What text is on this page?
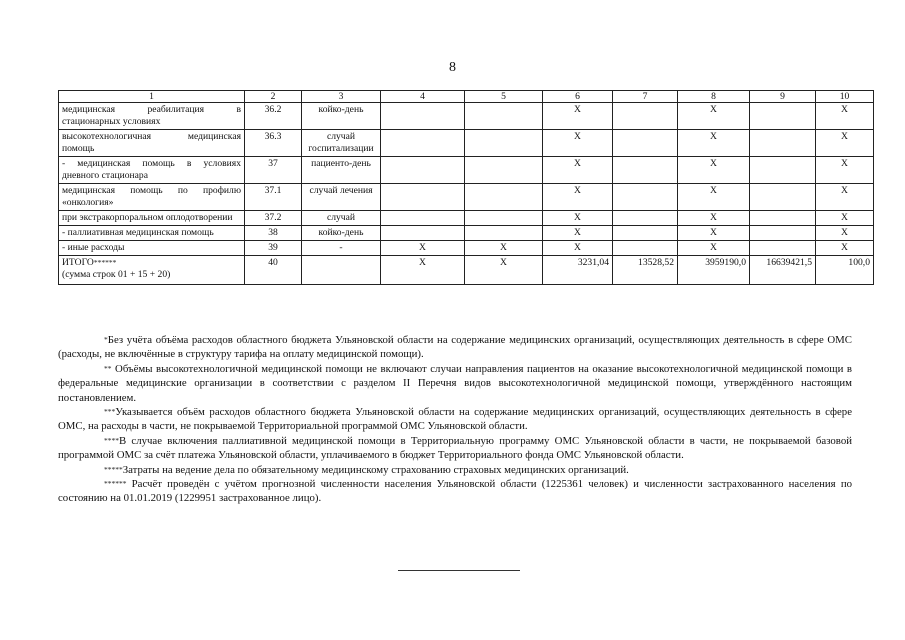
8
1	2	3	4	5	6	7	8	9	10
медицинская реабилитация в стационарных условиях	36.2	койко-день			X		X		X
высокотехнологичная медицинская помощь	36.3	случай госпитализации			X		X		X
- медицинская помощь в условиях дневного стационара	37	пациенто-день			X		X		X
медицинская помощь по профилю «онкология»	37.1	случай лечения			X		X		X
при экстракорпоральном оплодотворении	37.2	случай			X		X		X
- паллиативная медицинская помощь	38	койко-день			X		X		X
- иные расходы	39	-	X	X	X		X		X
ИТОГО******
(сумма строк 01 + 15 + 20)	40		X	X	3231,04	13528,52	3959190,0	16639421,5	100,0

*Без учёта объёма расходов областного бюджета Ульяновской области на содержание медицинских организаций, осуществляющих деятельность в сфере ОМС (расходы, не включённые в структуру тарифа на оплату медицинской помощи).

** Объёмы высокотехнологичной медицинской помощи не включают случаи направления пациентов на оказание высокотехнологичной медицинской помощи в федеральные медицинские организации в соответствии с разделом II Перечня видов высокотехнологичной медицинской помощи, утверждённого настоящим постановлением.

***Указывается объём расходов областного бюджета Ульяновской области на содержание медицинских организаций, осуществляющих деятельность в сфере ОМС, на расходы в части, не покрываемой Территориальной программой ОМС Ульяновской области.

****В случае включения паллиативной медицинской помощи в Территориальную программу ОМС Ульяновской области в части, не покрываемой базовой программой ОМС за счёт платежа Ульяновской области, уплачиваемого в бюджет Территориального фонда ОМС Ульяновской области.

*****Затраты на ведение дела по обязательному медицинскому страхованию страховых медицинских организаций.

****** Расчёт проведён с учётом прогнозной численности населения Ульяновской области (1225361 человек) и численности застрахованного населения по состоянию на 01.01.2019 (1229951 застрахованное лицо).
